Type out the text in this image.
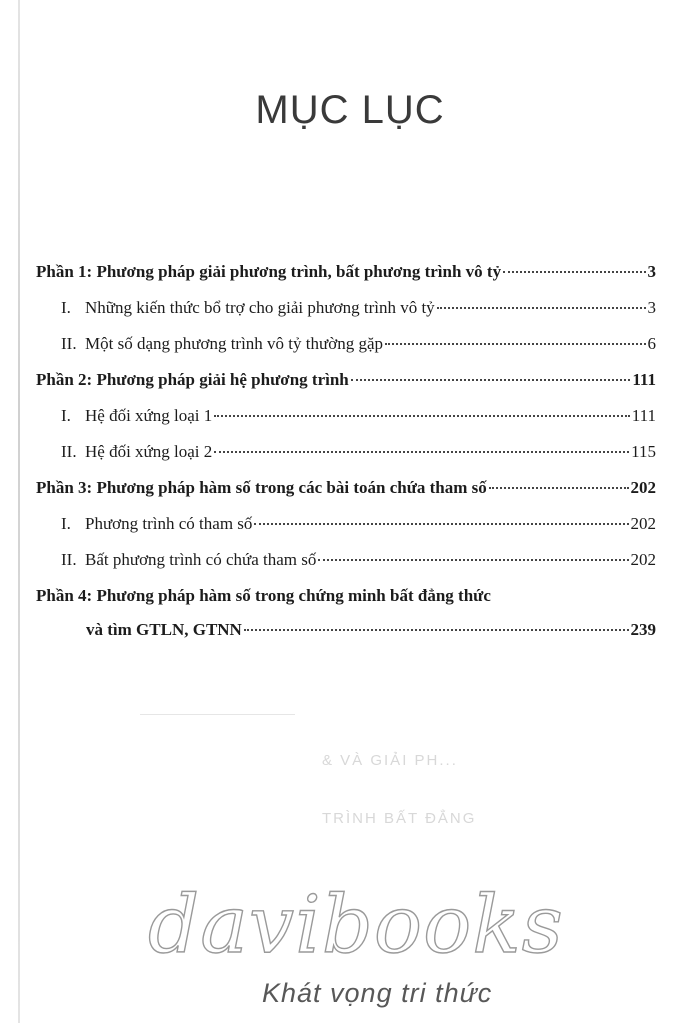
MỤC LỤC
Phần 1: Phương pháp giải phương trình, bất phương trình vô tỷ	3
I. Những kiến thức bổ trợ cho giải phương trình vô tỷ	3
II. Một số dạng phương trình vô tỷ thường gặp	6
Phần 2: Phương pháp giải hệ phương trình	111
I. Hệ đối xứng loại 1	111
II. Hệ đối xứng loại 2	115
Phần 3: Phương pháp hàm số trong các bài toán chứa tham số	202
I. Phương trình có tham số	202
II. Bất phương trình có chứa tham số	202
Phần 4: Phương pháp hàm số trong chứng minh bất đẳng thức
và tìm GTLN, GTNN	239
& VÀ GIẢI PH...
TRÌNH BẤT ĐẲNG
davibooks
Khát vọng tri thức
